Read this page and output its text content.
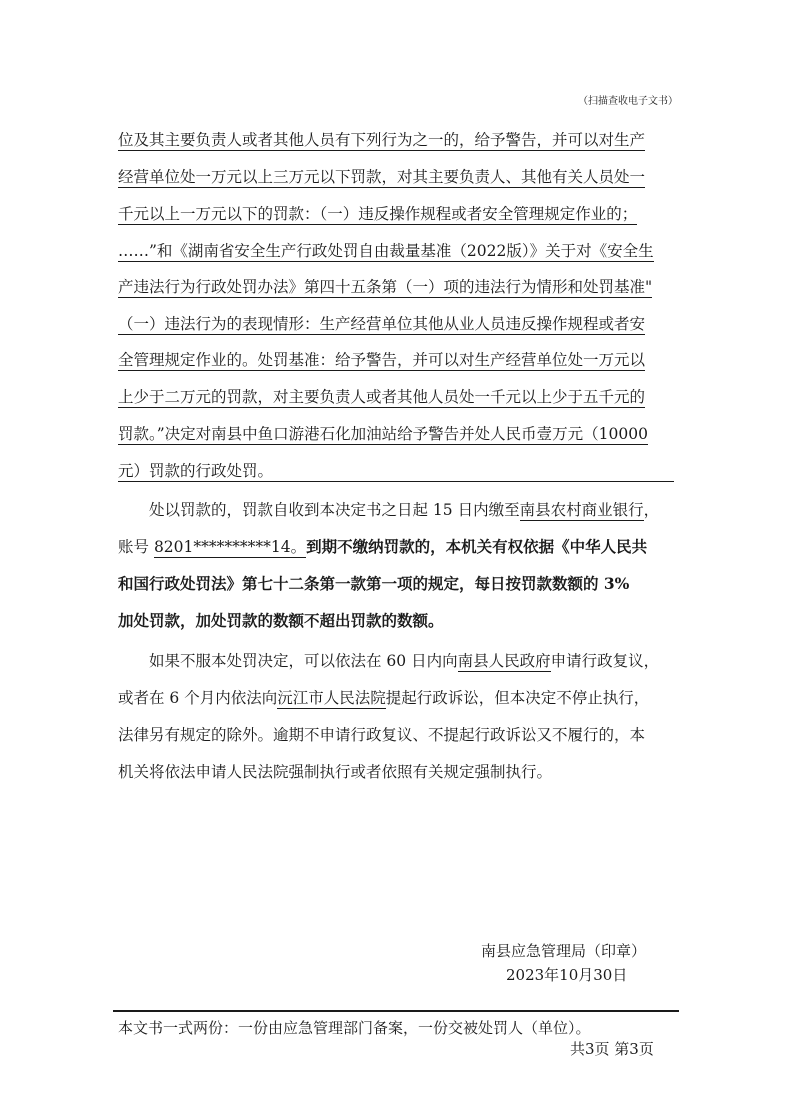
（扫描查收电子文书）
位及其主要负责人或者其他人员有下列行为之一的，给予警告，并可以对生产
经营单位处一万元以上三万元以下罚款，对其主要负责人、其他有关人员处一
千元以上一万元以下的罚款：（一）违反操作规程或者安全管理规定作业的；
……”和《湖南省安全生产行政处罚自由裁量基准（2022版）》关于对《安全生
产违法行为行政处罚办法》第四十五条第（一）项的违法行为情形和处罚基准"
（一）违法行为的表现情形：生产经营单位其他从业人员违反操作规程或者安
全管理规定作业的。处罚基准：给予警告，并可以对生产经营单位处一万元以
上少于二万元的罚款，对主要负责人或者其他人员处一千元以上少于五千元的
罚款。”决定对南县中鱼口游港石化加油站给予警告并处人民币壹万元（10000
元）罚款的行政处罚。
处以罚款的，罚款自收到本决定书之日起 15 日内缴至南县农村商业银行，
账号 8201**********14。到期不缴纳罚款的，本机关有权依据《中华人民共
和国行政处罚法》第七十二条第一款第一项的规定，每日按罚款数额的 3%
加处罚款，加处罚款的数额不超出罚款的数额。
如果不服本处罚决定，可以依法在 60 日内向南县人民政府申请行政复议，
或者在 6 个月内依法向沅江市人民法院提起行政诉讼，但本决定不停止执行，
法律另有规定的除外。逾期不申请行政复议、不提起行政诉讼又不履行的，本
机关将依法申请人民法院强制执行或者依照有关规定强制执行。
南县应急管理局（印章）
2023年10月30日
本文书一式两份：一份由应急管理部门备案，一份交被处罚人（单位）。
共3页 第3页
